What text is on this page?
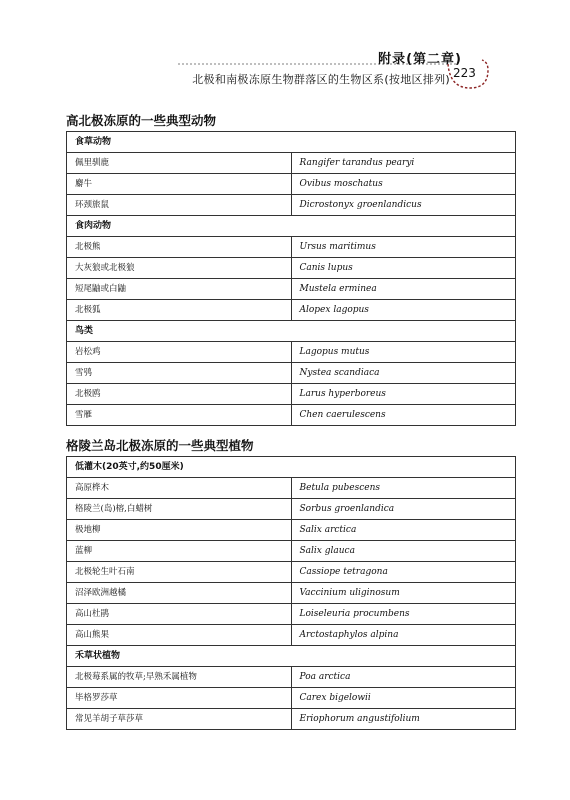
附录(第二章)
北极和南极冻原生物群落区的生物区系(按地区排列) 223
高北极冻原的一些典型动物
食草动物	
佩里驯鹿	Rangifer tarandus pearyi
麝牛	Ovibus moschatus
环颈旅鼠	Dicrostonyx groenlandicus
食肉动物	
北极熊	Ursus maritimus
大灰狼或北极狼	Canis lupus
短尾鼬或白鼬	Mustela erminea
北极狐	Alopex lagopus
鸟类	
岩松鸡	Lagopus mutus
雪鸮	Nystea scandiaca
北极鸥	Larus hyperboreus
雪雁	Chen caerulescens
格陵兰岛北极冻原的一些典型植物
低灌木(20英寸,约50厘米)	
高原桦木	Betula pubescens
格陵兰(岛)榕,白蜡树	Sorbus groenlandica
极地柳	Salix arctica
蓝柳	Salix glauca
北极轮生叶石南	Cassiope tetragona
沼泽欧洲越橘	Vaccinium uliginosum
高山杜鹃	Loiseleuria procumbens
高山熊果	Arctostaphylos alpina
禾草状植物	
北极莓系属的牧草;早熟禾属植物	Poa arctica
毕格罗莎草	Carex bigelowii
常见羊胡子草莎草	Eriophorum angustifolium
